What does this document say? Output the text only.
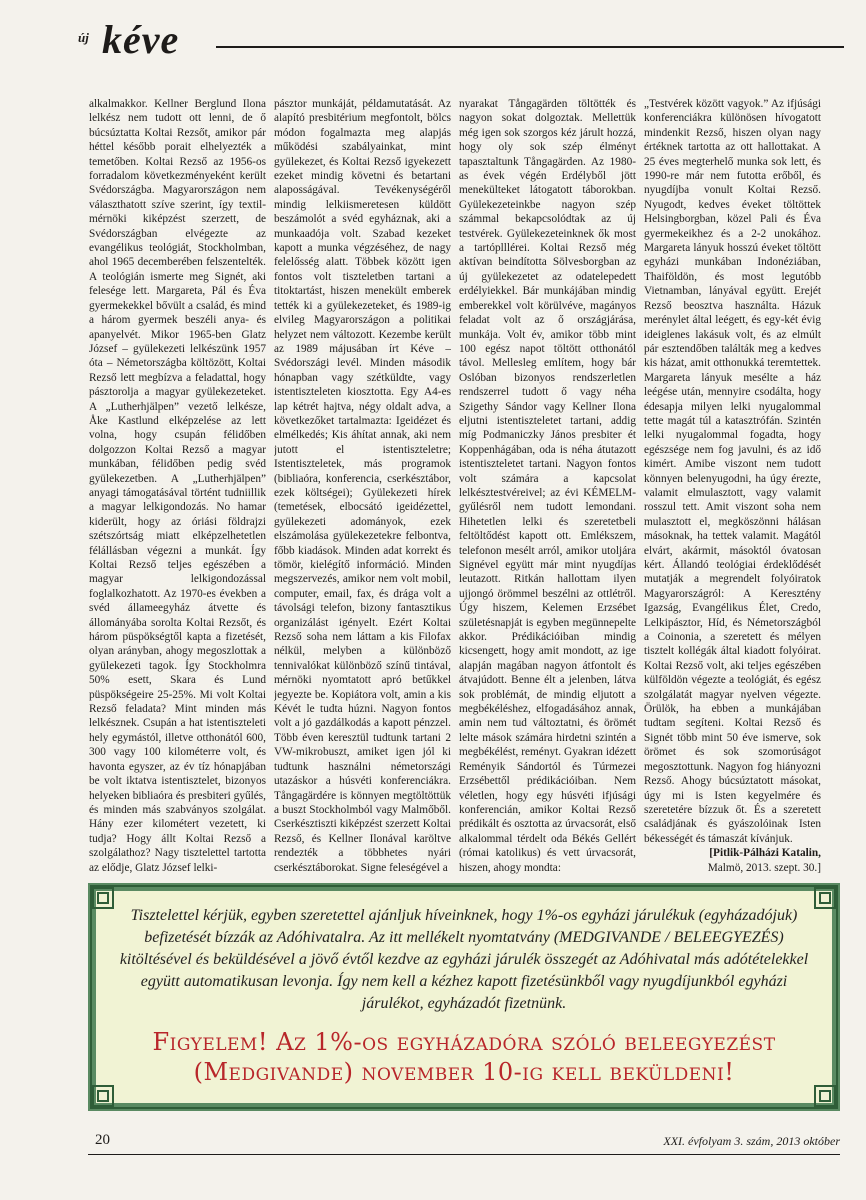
új kéve

alkalmakkor. Kellner Berglund Ilona lelkész nem tudott ott lenni, de ő búcsúztatta Koltai Rezsőt, amikor pár héttel később porait elhelyezték a temetőben. Koltai Rezső az 1956-os forradalom következményeként került Svédországba. Magyarországon nem választhatott szíve szerint, így textil-mérnöki kiképzést szerzett, de Svédországban elvégezte az evangélikus teológiát, Stockholmban, ahol 1965 decemberében felszentelték. A teológián ismerte meg Signét, aki felesége lett. Margareta, Pál és Éva gyermekekkel bővült a család, és mind a három gyermek beszéli anya- és apanyelvét. Mikor 1965-ben Glatz József – gyülekezeti lelkészünk 1957 óta – Németországba költözött, Koltai Rezső lett megbízva a feladattal, hogy pásztorolja a magyar gyülekezeteket. A „Lutherhjälpen” vezető lelkésze, Åke Kastlund elképzelése az lett volna, hogy csupán félidőben dolgozzon Koltai Rezső a magyar munkában, félidőben pedig svéd gyülekezetben. A „Lutherhjälpen” anyagi támogatásával történt tudniillik a magyar lelkigondozás. No hamar kiderült, hogy az óriási földrajzi szétszórtság miatt elképzelhetetlen félállásban végezni a munkát. Így Koltai Rezső teljes egészében a magyar lelkigondozással foglalkozhatott. Az 1970-es években a svéd állameegyház átvette és állományába sorolta Koltai Rezsőt, és három püspökségtől kapta a fizetését, olyan arányban, ahogy megoszlottak a gyülekezeti tagok. Így Stockholmra 50% esett, Skara és Lund püspökségeire 25-25%. Mi volt Koltai Rezső feladata? Mint minden más lelkésznek. Csupán a hat istentiszteleti hely egymástól, illetve otthonától 600, 300 vagy 100 kilométerre volt, és havonta egyszer, az év tíz hónapjában be volt iktatva istentisztelet, bizonyos helyeken bibliaóra és presbiteri gyűlés, és minden más szabványos szolgálat. Hány ezer kilométert vezetett, ki tudja? Hogy állt Koltai Rezső a szolgálathoz? Nagy tisztelettel tartotta az elődje, Glatz József lelki-

pásztor munkáját, példamutatását. Az alapító presbitérium megfontolt, bölcs módon fogalmazta meg alapjás működési szabályainkat, mint gyülekezet, és Koltai Rezső igyekezett ezeket mindig követni és betartani alaposságával. Tevékenységéről mindig lelkiismeretesen küldött beszámolót a svéd egyháznak, aki a munkaadója volt. Szabad kezeket kapott a munka végzéséhez, de nagy felelősség alatt. Többek között igen fontos volt tiszteletben tartani a titoktartást, hiszen menekült emberek tették ki a gyülekezeteket, és 1989-ig elvileg Magyarországon a politikai helyzet nem változott. Kezembe került az 1989 májusában írt Kéve – Svédországi levél. Minden második hónapban vagy szétküldte, vagy istentiszteleten kiosztotta. Egy A4-es lap kétrét hajtva, négy oldalt adva, a következőket tartalmazta: Igeidézet és elmélkedés; Kis áhítat annak, aki nem jutott el istentiszteletre; Istentiszteletek, más programok (bibliaóra, konferencia, cserkésztábor, ezek költségei); Gyülekezeti hírek (temetések, elbocsátó igeidézettel, gyülekezeti adományok, ezek elszámolása gyülekezetekre felbontva, főbb kiadások. Minden adat korrekt és tömör, kielégítő információ. Minden megszervezés, amikor nem volt mobil, computer, email, fax, és drága volt a távolsági telefon, bizony fantasztikus organizálást igényelt. Ezért Koltai Rezső soha nem láttam a kis Filofax nélkül, melyben a különböző tennivalókat különböző színű tintával, mérnöki nyomtatott apró betűkkel jegyezte be. Kopiátora volt, amin a kis Kévét le tudta húzni. Nagyon fontos volt a jó gazdálkodás a kapott pénzzel. Több éven keresztül tudtunk tartani 2 VW-mikrobuszt, amiket igen jól ki tudtunk használni németországi utazáskor a húsvéti konferenciákra. Tångagärdére is könnyen megtöltöttük a buszt Stockholmból vagy Malmőből. Cserkésztiszti kiképzést szerzett Koltai Rezső, és Kellner Ilonával karöltve rendezték a többhetes nyári cserkésztáborokat. Signe feleségével a

nyarakat Tångagärden töltötték és nagyon sokat dolgoztak. Mellettük még igen sok szorgos kéz járult hozzá, hogy oly sok szép élményt tapasztaltunk Tångagärden. Az 1980-as évek végén Erdélyből jött menekülteket látogatott táborokban. Gyülekezeteinkbe nagyon szép számmal bekapcsolódtak az új testvérek. Gyülekezeteinknek ők most a tartóplllérei. Koltai Rezső még aktívan beindította Sölvesborgban az új gyülekezetet az odatelepedett erdélyiekkel. Bár munkájában mindig emberekkel volt körülvéve, magányos feladat volt az ő országjárása, munkája. Volt év, amikor több mint 100 egész napot töltött otthonától távol. Mellesleg említem, hogy bár Oslóban bizonyos rendszerletlen rendszerrel tudott ő vagy néha Szigethy Sándor vagy Kellner Ilona eljutni istentiszteletet tartani, addig míg Podmaniczky János presbiter ét Koppenhágában, oda is néha átutazott istentiszteletet tartani. Nagyon fontos volt számára a kapcsolat lelkésztestvéreivel; az évi KÉMELM-gyűlésről nem tudott lemondani. Hihetetlen lelki és szeretetbeli feltöltődést kapott ott. Emlékszem, telefonon mesélt arról, amikor utoljára Signével együtt már mint nyugdíjas leutazott. Ritkán hallottam ilyen ujjongó örömmel beszélni az ottlétről. Úgy hiszem, Kelemen Erzsébet születésnapját is egyben megünnepelte akkor. Prédikációiban mindig kicsengett, hogy amit mondott, az ige alapján magában nagyon átfontolt és átvajúdott. Benne élt a jelenben, látva sok problémát, de mindig eljutott a megbékéléshez, elfogadásához annak, amin nem tud változtatni, és örömét lelte mások számára hirdetni szintén a megbékélést, reményt. Gyakran idézett Reményik Sándortól és Túrmezei Erzsébettől prédikációiban. Nem véletlen, hogy egy húsvéti ifjúsági konferencián, amikor Koltai Rezső prédikált és osztotta az úrvacsorát, első alkalommal térdelt oda Békés Gellért (római katolikus) és vett úrvacsorát, hiszen, ahogy mondta:

„Testvérek között vagyok.” Az ifjúsági konferenciákra különösen hívogatott mindenkit Rezső, hiszen olyan nagy értéknek tartotta az ott hallottakat. A 25 éves megterhelő munka sok lett, és 1990-re már nem futotta erőből, és nyugdíjba vonult Koltai Rezső. Nyugodt, kedves éveket töltöttek Helsingborgban, közel Pali és Éva gyermekeikhez és a 2-2 unokához. Margareta lányuk hosszú éveket töltött egyházi munkában Indonéziában, Thaiföldön, és most legutóbb Vietnamban, lányával együtt. Erejét Rezső beosztva használta. Házuk merénylet által leégett, és egy-két évig ideiglenes lakásuk volt, és az elmúlt pár esztendőben találták meg a kedves kis házat, amit otthonukká teremtettek. Margareta lányuk mesélte a ház leégése után, mennyire csodálta, hogy édesapja milyen lelki nyugalommal tette magát túl a katasztrófán. Szintén lelki nyugalommal fogadta, hogy egészsége nem fog javulni, és az idő kimért. Amibe viszont nem tudott könnyen belenyugodni, ha úgy érezte, valamit elmulasztott, vagy valamit rosszul tett. Amit viszont soha nem mulasztott el, megköszönni hálásan másoknak, ha tettek valamit. Magától elvárt, akármit, másoktól óvatosan kért. Állandó teológiai érdeklődését mutatják a megrendelt folyóiratok Magyarországról: A Keresztény Igazság, Evangélikus Élet, Credo, Lelkipásztor, Híd, és Németországból a Coinonia, a szeretett és mélyen tisztelt kollégák által kiadott folyóirat. Koltai Rezső volt, aki teljes egészében külföldön végezte a teológiát, és egész szolgálatát magyar nyelven végezte. Örülök, ha ebben a munkájában tudtam segíteni. Koltai Rezső és Signét több mint 50 éve ismerve, sok örömet és sok szomorúságot megosztottunk. Nagyon fog hiányozni Rezső. Ahogy búcsúztatott másokat, úgy mi is Isten kegyelmére és szeretetére bízzuk őt. És a szeretett családjának és gyászolóinak Isten békességét és támaszát kívánjuk.

[Pitlik-Pálházi Katalin,

Malmö, 2013. szept. 30.]

Tisztelettel kérjük, egyben szeretettel ajánljuk híveinknek, hogy 1%-os egyházi járulékuk (egyházadójuk) befizetését bízzák az Adóhivatalra. Az itt mellékelt nyomtatvány (MEDGIVANDE / BELEEGYEZÉS) kitöltésével és beküldésével a jövő évtől kezdve az egyházi járulék összegét az Adóhivatal más adótételekkel együtt automatikusan levonja. Így nem kell a kézhez kapott fizetésünkből vagy nyugdíjunkból egyházi járulékot, egyházadót fizetnünk.
Figyelem! Az 1%-os egyházadóra szóló beleegyezést
(Medgivande) november 10-ig kell beküldeni!
20	XXI. évfolyam 3. szám, 2013 október
